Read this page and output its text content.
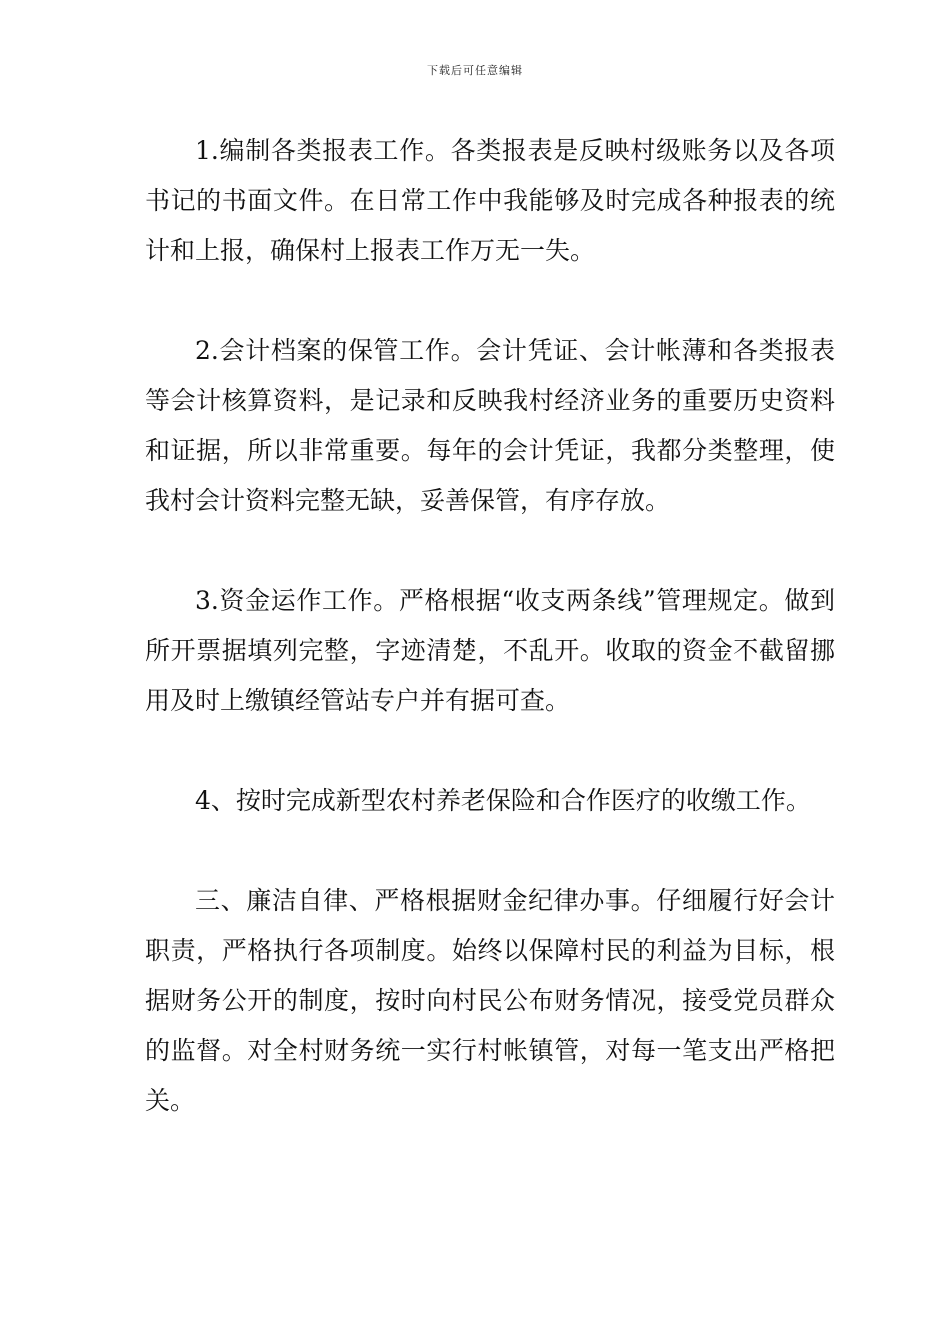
下载后可任意编辑

1.编制各类报表工作。各类报表是反映村级账务以及各项书记的书面文件。在日常工作中我能够及时完成各种报表的统计和上报，确保村上报表工作万无一失。

2.会计档案的保管工作。会计凭证、会计帐薄和各类报表等会计核算资料，是记录和反映我村经济业务的重要历史资料和证据，所以非常重要。每年的会计凭证，我都分类整理，使我村会计资料完整无缺，妥善保管，有序存放。

3.资金运作工作。严格根据“收支两条线”管理规定。做到所开票据填列完整，字迹清楚，不乱开。收取的资金不截留挪用及时上缴镇经管站专户并有据可查。

4、按时完成新型农村养老保险和合作医疗的收缴工作。

三、廉洁自律、严格根据财金纪律办事。仔细履行好会计职责，严格执行各项制度。始终以保障村民的利益为目标，根据财务公开的制度，按时向村民公布财务情况，接受党员群众的监督。对全村财务统一实行村帐镇管，对每一笔支出严格把关。
